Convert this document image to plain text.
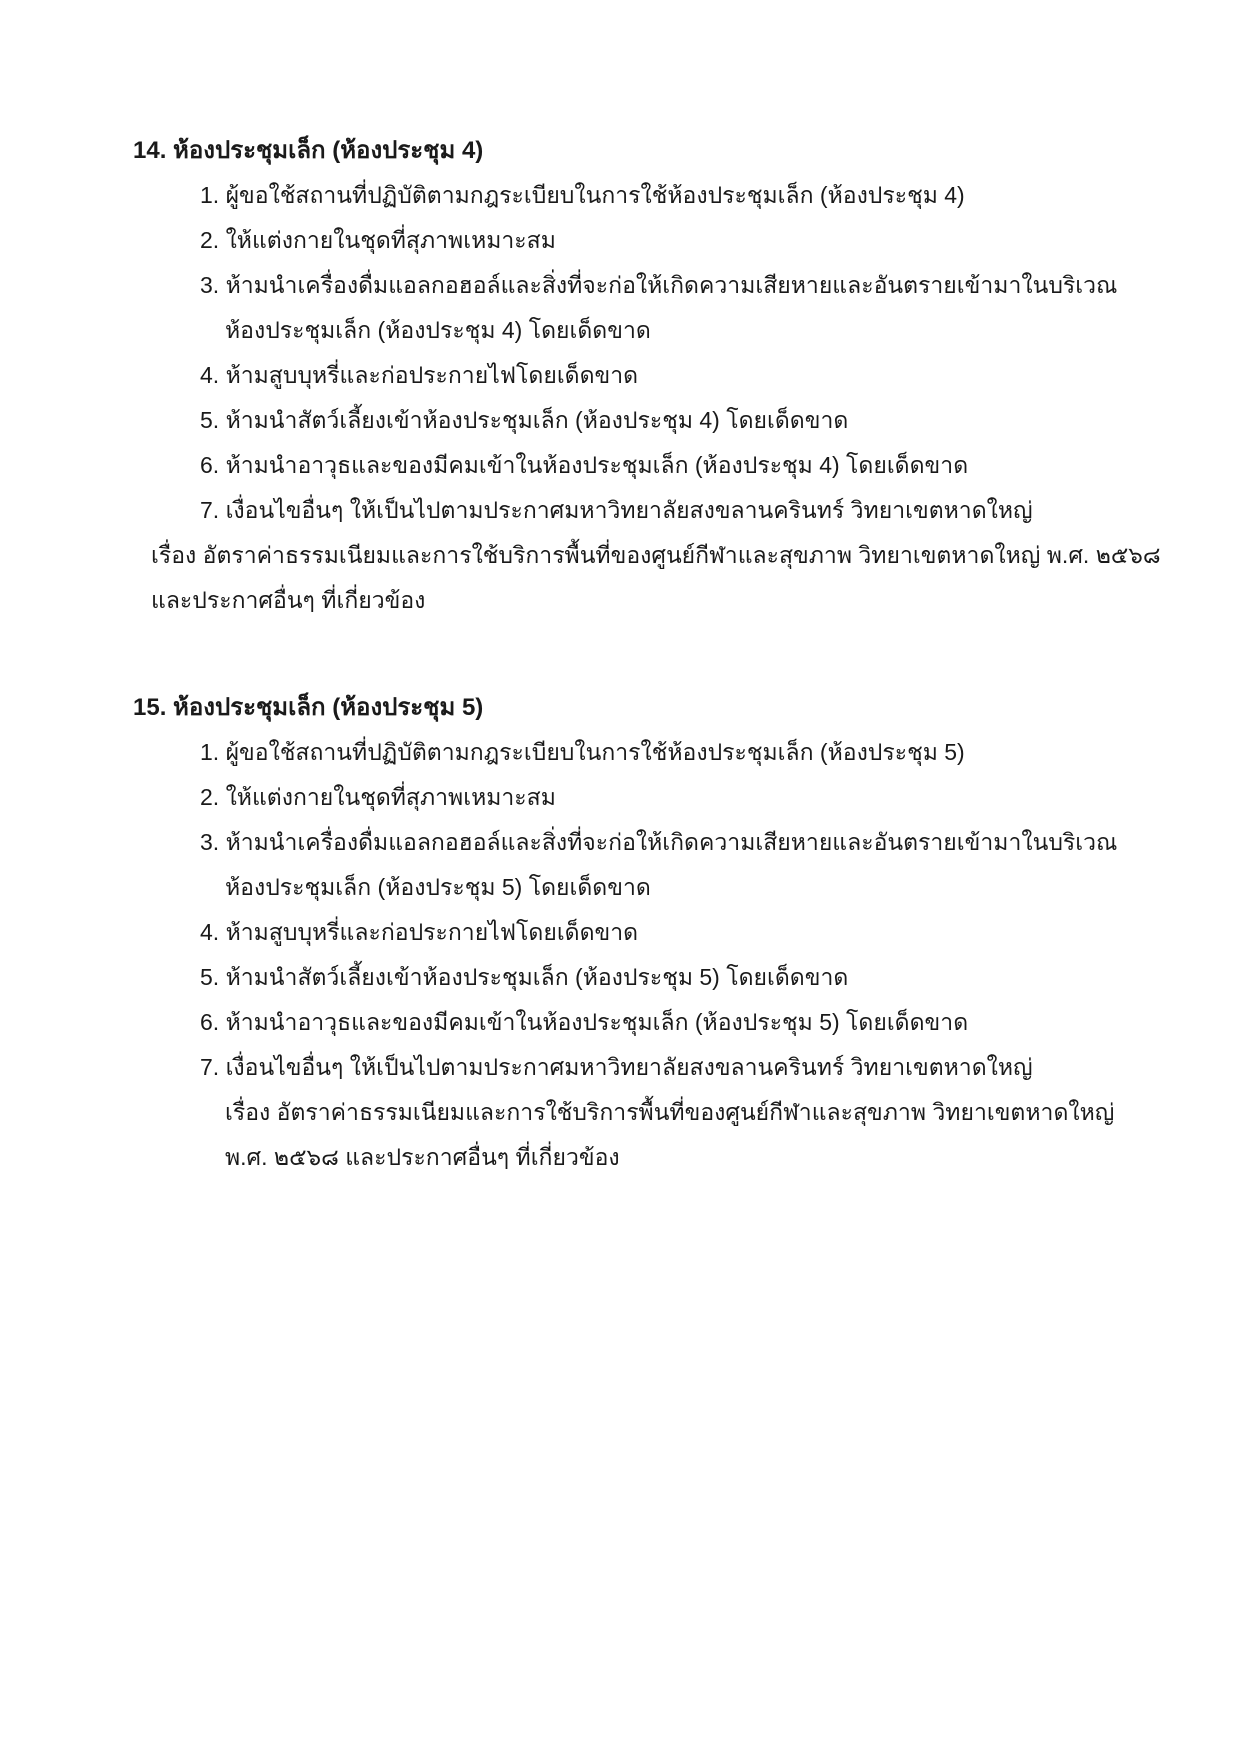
14. ห้องประชุมเล็ก (ห้องประชุม 4)
1. ผู้ขอใช้สถานที่ปฏิบัติตามกฎระเบียบในการใช้ห้องประชุมเล็ก (ห้องประชุม 4)
2. ให้แต่งกายในชุดที่สุภาพเหมาะสม
3. ห้ามนำเครื่องดื่มแอลกอฮอล์และสิ่งที่จะก่อให้เกิดความเสียหายและอันตรายเข้ามาในบริเวณ
ห้องประชุมเล็ก (ห้องประชุม 4) โดยเด็ดขาด
4. ห้ามสูบบุหรี่และก่อประกายไฟโดยเด็ดขาด
5. ห้ามนำสัตว์เลี้ยงเข้าห้องประชุมเล็ก (ห้องประชุม 4) โดยเด็ดขาด
6. ห้ามนำอาวุธและของมีคมเข้าในห้องประชุมเล็ก (ห้องประชุม 4) โดยเด็ดขาด
7. เงื่อนไขอื่นๆ ให้เป็นไปตามประกาศมหาวิทยาลัยสงขลานครินทร์ วิทยาเขตหาดใหญ่
เรื่อง อัตราค่าธรรมเนียมและการใช้บริการพื้นที่ของศูนย์กีฬาและสุขภาพ วิทยาเขตหาดใหญ่ พ.ศ. ๒๕๖๘
และประกาศอื่นๆ ที่เกี่ยวข้อง
15. ห้องประชุมเล็ก (ห้องประชุม 5)
1. ผู้ขอใช้สถานที่ปฏิบัติตามกฎระเบียบในการใช้ห้องประชุมเล็ก (ห้องประชุม 5)
2. ให้แต่งกายในชุดที่สุภาพเหมาะสม
3. ห้ามนำเครื่องดื่มแอลกอฮอล์และสิ่งที่จะก่อให้เกิดความเสียหายและอันตรายเข้ามาในบริเวณ
ห้องประชุมเล็ก (ห้องประชุม 5) โดยเด็ดขาด
4. ห้ามสูบบุหรี่และก่อประกายไฟโดยเด็ดขาด
5. ห้ามนำสัตว์เลี้ยงเข้าห้องประชุมเล็ก (ห้องประชุม 5) โดยเด็ดขาด
6. ห้ามนำอาวุธและของมีคมเข้าในห้องประชุมเล็ก (ห้องประชุม 5) โดยเด็ดขาด
7. เงื่อนไขอื่นๆ ให้เป็นไปตามประกาศมหาวิทยาลัยสงขลานครินทร์ วิทยาเขตหาดใหญ่
เรื่อง อัตราค่าธรรมเนียมและการใช้บริการพื้นที่ของศูนย์กีฬาและสุขภาพ วิทยาเขตหาดใหญ่
พ.ศ. ๒๕๖๘ และประกาศอื่นๆ ที่เกี่ยวข้อง
